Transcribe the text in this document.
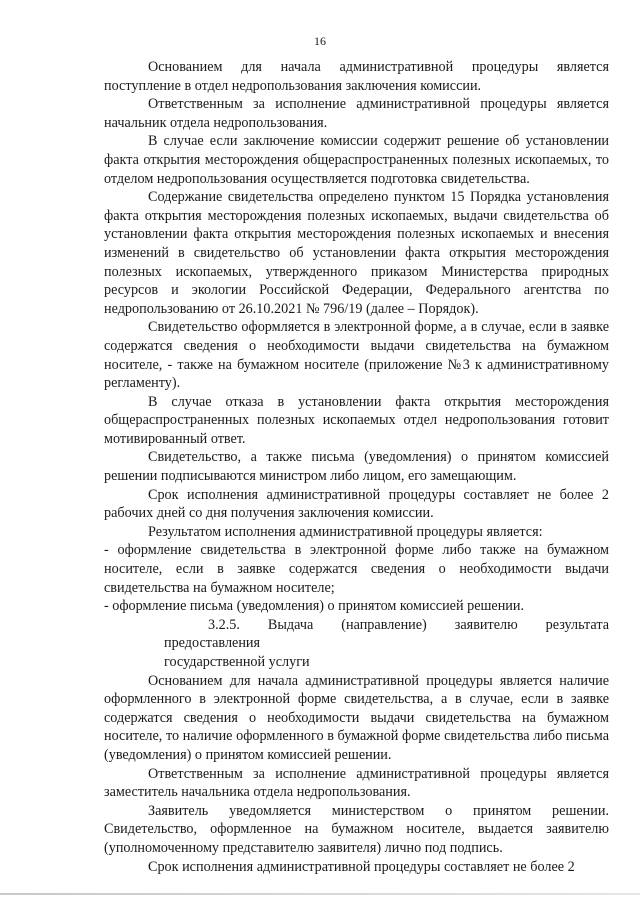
16

Основанием для начала административной процедуры является поступление в отдел недропользования заключения комиссии.

Ответственным за исполнение административной процедуры является начальник отдела недропользования.

В случае если заключение комиссии содержит решение об установлении факта открытия месторождения общераспространенных полезных ископаемых, то отделом недропользования осуществляется подготовка свидетельства.

Содержание свидетельства определено пунктом 15 Порядка установления факта открытия месторождения полезных ископаемых, выдачи свидетельства об установлении факта открытия месторождения полезных ископаемых и внесения изменений в свидетельство об установлении факта открытия месторождения полезных ископаемых, утвержденного приказом Министерства природных ресурсов и экологии Российской Федерации, Федерального агентства по недропользованию от 26.10.2021 № 796/19 (далее – Порядок).

Свидетельство оформляется в электронной форме, а в случае, если в заявке содержатся сведения о необходимости выдачи свидетельства на бумажном носителе, - также на бумажном носителе (приложение №3 к административному регламенту).

В случае отказа в установлении факта открытия месторождения общераспространенных полезных ископаемых отдел недропользования готовит мотивированный ответ.

Свидетельство, а также письма (уведомления) о принятом комиссией решении подписываются министром либо лицом, его замещающим.

Срок исполнения административной процедуры составляет не более 2 рабочих дней со дня получения заключения комиссии.

Результатом исполнения административной процедуры является:

- оформление свидетельства в электронной форме либо также на бумажном носителе, если в заявке содержатся сведения о необходимости выдачи свидетельства на бумажном носителе;

- оформление письма (уведомления) о принятом комиссией решении.

3.2.5. Выдача (направление) заявителю результата предоставления
государственной услуги

Основанием для начала административной процедуры является наличие оформленного в электронной форме свидетельства, а в случае, если в заявке содержатся сведения о необходимости выдачи свидетельства на бумажном носителе, то наличие оформленного в бумажной форме свидетельства либо письма (уведомления) о принятом комиссией решении.

Ответственным за исполнение административной процедуры является заместитель начальника отдела недропользования.

Заявитель уведомляется министерством о принятом решении. Свидетельство, оформленное на бумажном носителе, выдается заявителю (уполномоченному представителю заявителя) лично под подпись.

Срок исполнения административной процедуры составляет не более 2
